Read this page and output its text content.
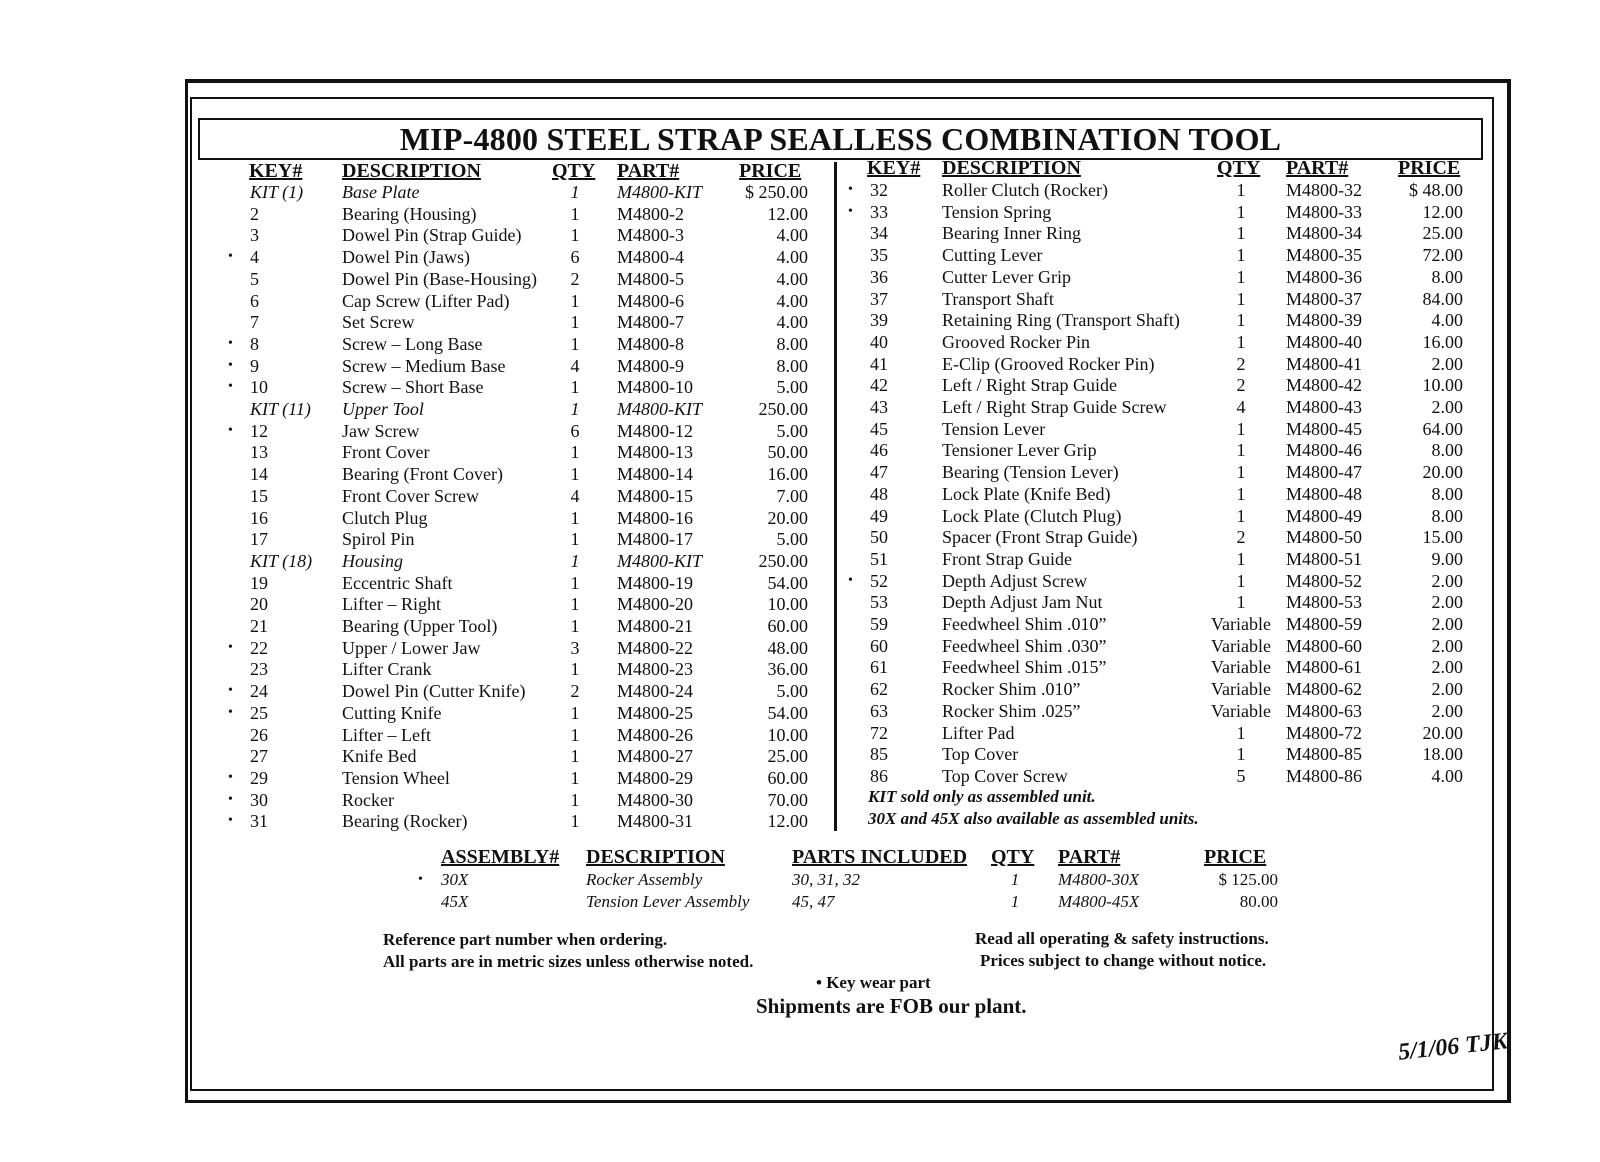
MIP-4800 STEEL STRAP SEALLESS COMBINATION TOOL
KEY# DESCRIPTION	QTY PART#	PRICE	KEY# DESCRIPTION	QTY PART# PRICE
KIT (1) Base Plate	1	M4800-KIT	$ 250.00
2	Bearing (Housing)	1	M4800-2	12.00
3	Dowel Pin (Strap Guide)	1	M4800-3	4.00
• 4	Dowel Pin (Jaws)	6	M4800-4	4.00
5	Dowel Pin (Base-Housing)	2	M4800-5	4.00
6	Cap Screw (Lifter Pad)	1	M4800-6	4.00
7	Set Screw	1	M4800-7	4.00
• 8	Screw – Long Base	1	M4800-8	8.00
• 9	Screw – Medium Base	4	M4800-9	8.00
• 10	Screw – Short Base	1	M4800-10	5.00
KIT (11) Upper Tool	1	M4800-KIT	250.00
• 12	Jaw Screw	6	M4800-12	5.00
13	Front Cover	1	M4800-13	50.00
14	Bearing (Front Cover)	1	M4800-14	16.00
15	Front Cover Screw	4	M4800-15	7.00
16	Clutch Plug	1	M4800-16	20.00
17	Spirol Pin	1	M4800-17	5.00
KIT (18) Housing	1	M4800-KIT	250.00
19	Eccentric Shaft	1	M4800-19	54.00
20	Lifter – Right	1	M4800-20	10.00
21	Bearing (Upper Tool)	1	M4800-21	60.00
• 22	Upper / Lower Jaw	3	M4800-22	48.00
23	Lifter Crank	1	M4800-23	36.00
• 24	Dowel Pin (Cutter Knife)	2	M4800-24	5.00
• 25	Cutting Knife	1	M4800-25	54.00
26	Lifter – Left	1	M4800-26	10.00
27	Knife Bed	1	M4800-27	25.00
• 29	Tension Wheel	1	M4800-29	60.00
• 30	Rocker	1	M4800-30	70.00
• 31	Bearing (Rocker)	1	M4800-31	12.00
• 32	Roller Clutch (Rocker)	1	M4800-32	$ 48.00
• 33	Tension Spring	1	M4800-33	12.00
34	Bearing Inner Ring	1	M4800-34	25.00
35	Cutting Lever	1	M4800-35	72.00
36	Cutter Lever Grip	1	M4800-36	8.00
37	Transport Shaft	1	M4800-37	84.00
39	Retaining Ring (Transport Shaft)	1	M4800-39	4.00
40	Grooved Rocker Pin	1	M4800-40	16.00
41	E-Clip (Grooved Rocker Pin)	2	M4800-41	2.00
42	Left / Right Strap Guide	2	M4800-42	10.00
43	Left / Right Strap Guide Screw	4	M4800-43	2.00
45	Tension Lever	1	M4800-45	64.00
46	Tensioner Lever Grip	1	M4800-46	8.00
47	Bearing (Tension Lever)	1	M4800-47	20.00
48	Lock Plate (Knife Bed)	1	M4800-48	8.00
49	Lock Plate (Clutch Plug)	1	M4800-49	8.00
50	Spacer (Front Strap Guide)	2	M4800-50	15.00
51	Front Strap Guide	1	M4800-51	9.00
• 52	Depth Adjust Screw	1	M4800-52	2.00
53	Depth Adjust Jam Nut	1	M4800-53	2.00
59	Feedwheel Shim .010”	Variable M4800-59	2.00
60	Feedwheel Shim .030”	Variable M4800-60	2.00
61	Feedwheel Shim .015”	Variable M4800-61	2.00
62	Rocker Shim .010”	Variable M4800-62	2.00
63	Rocker Shim .025”	Variable M4800-63	2.00
72	Lifter Pad	1	M4800-72	20.00
85	Top Cover	1	M4800-85	18.00
86	Top Cover Screw	5	M4800-86	4.00
KIT sold only as assembled unit.
30X and 45X also available as assembled units.
ASSEMBLY# DESCRIPTION	PARTS INCLUDED QTY PART#	PRICE
• 30X	Rocker Assembly	30, 31, 32	1	M4800-30X	$ 125.00
45X	Tension Lever Assembly	45, 47	1	M4800-45X	80.00
Reference part number when ordering.
All parts are in metric sizes unless otherwise noted.
Read all operating & safety instructions.
Prices subject to change without notice.
• Key wear part
Shipments are FOB our plant.
5/1/06 TJK
